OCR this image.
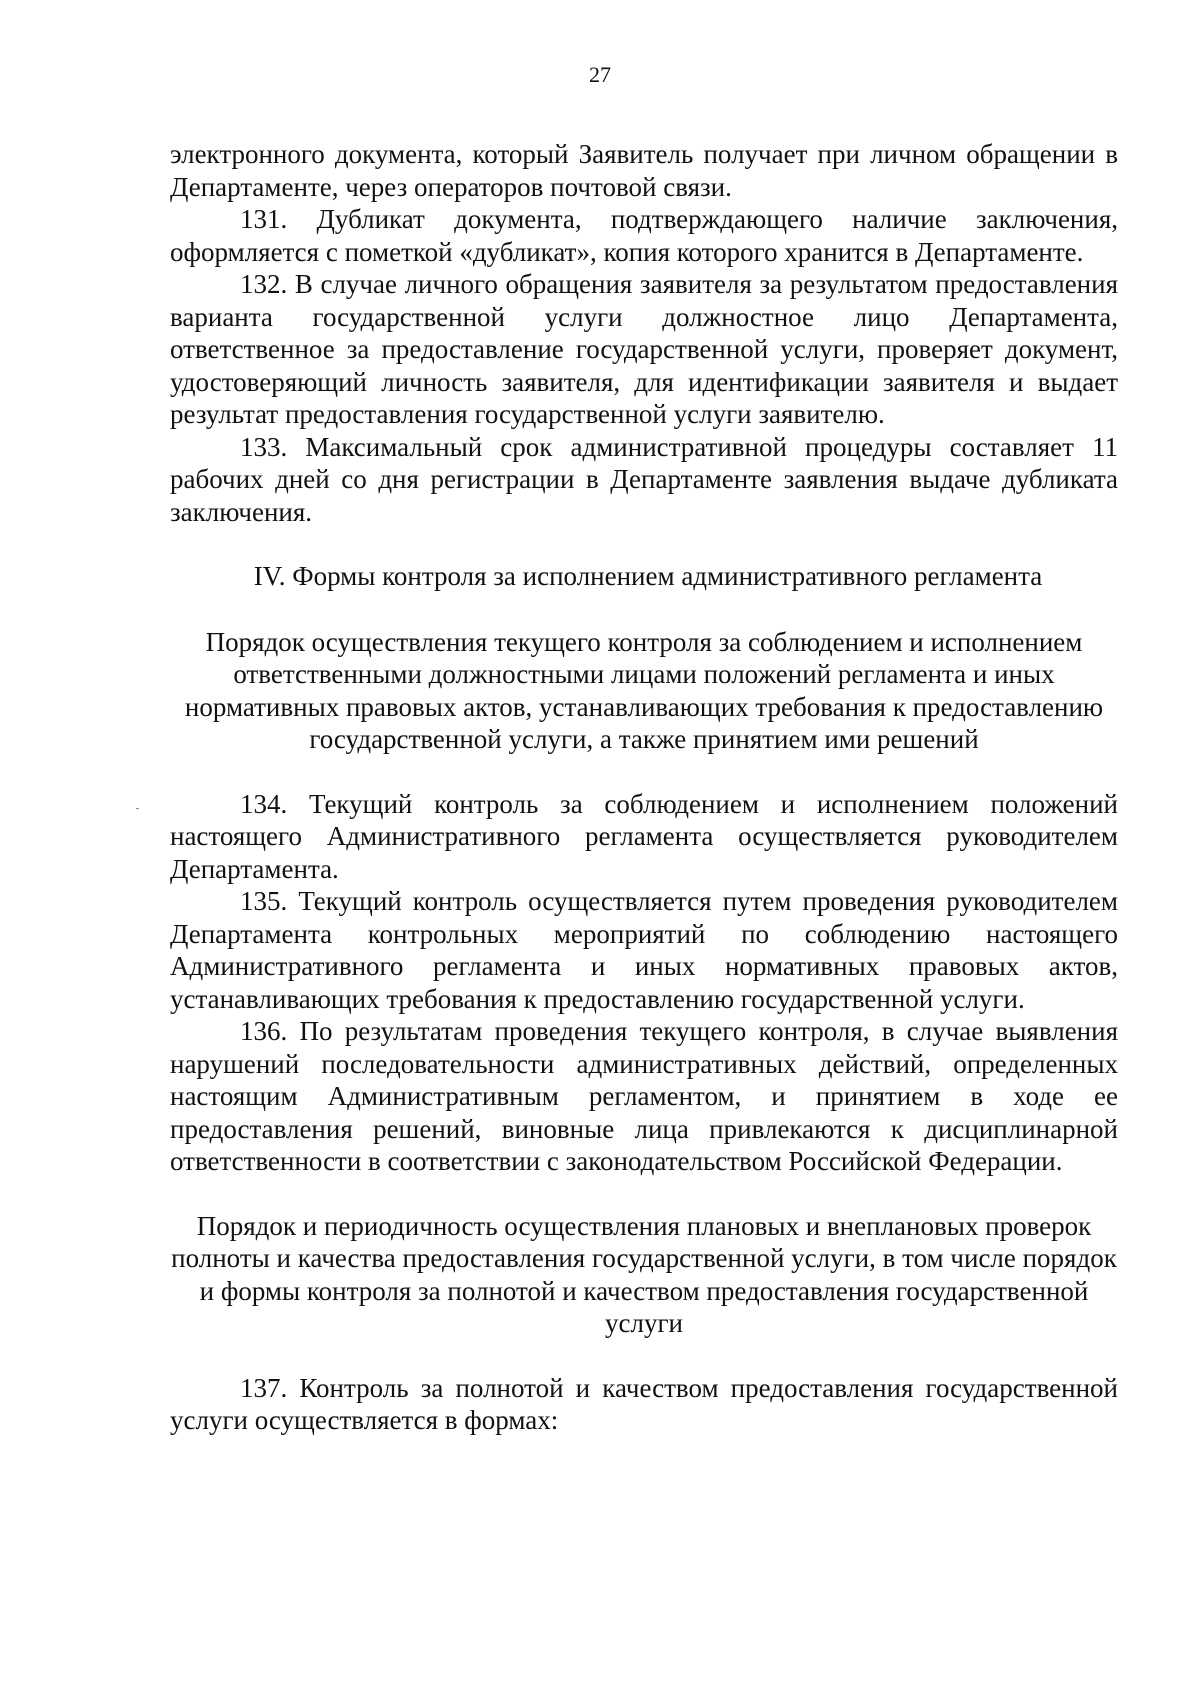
27

электронного документа, который Заявитель получает при личном обращении в Департаменте, через операторов почтовой связи.

131. Дубликат документа, подтверждающего наличие заключения, оформляется с пометкой «дубликат», копия которого хранится в Департаменте.

132. В случае личного обращения заявителя за результатом предоставления варианта государственной услуги должностное лицо Департамента, ответственное за предоставление государственной услуги, проверяет документ, удостоверяющий личность заявителя, для идентификации заявителя и выдает результат предоставления государственной услуги заявителю.

133. Максимальный срок административной процедуры составляет 11 рабочих дней со дня регистрации в Департаменте заявления выдаче дубликата заключения.

IV. Формы контроля за исполнением административного регламента

Порядок осуществления текущего контроля за соблюдением и исполнением ответственными должностными лицами положений регламента и иных нормативных правовых актов, устанавливающих требования к предоставлению государственной услуги, а также принятием ими решений

134. Текущий контроль за соблюдением и исполнением положений настоящего Административного регламента осуществляется руководителем Департамента.

135. Текущий контроль осуществляется путем проведения руководителем Департамента контрольных мероприятий по соблюдению настоящего Административного регламента и иных нормативных правовых актов, устанавливающих требования к предоставлению государственной услуги.

136. По результатам проведения текущего контроля, в случае выявления нарушений последовательности административных действий, определенных настоящим Административным регламентом, и принятием в ходе ее предоставления решений, виновные лица привлекаются к дисциплинарной ответственности в соответствии с законодательством Российской Федерации.

Порядок и периодичность осуществления плановых и внеплановых проверок полноты и качества предоставления государственной услуги, в том числе порядок и формы контроля за полнотой и качеством предоставления государственной услуги

137. Контроль за полнотой и качеством предоставления государственной услуги осуществляется в формах:
